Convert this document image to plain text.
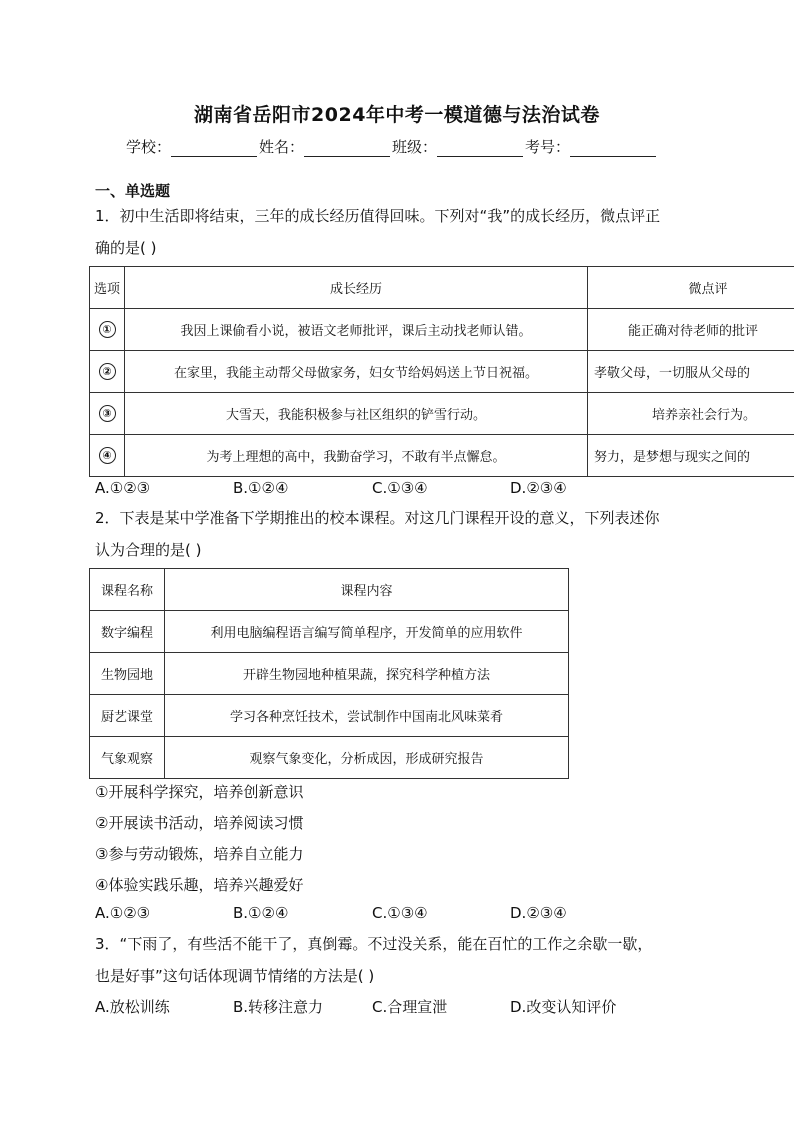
湖南省岳阳市2024年中考一模道德与法治试卷
学校：	姓名：	班级：	考号：
一、单选题
1．初中生活即将结束，三年的成长经历值得回味。下列对“我”的成长经历，微点评正
确的是( )
选项	成长经历	微点评
①	我因上课偷看小说，被语文老师批评，课后主动找老师认错。	能正确对待老师的批评
②	在家里，我能主动帮父母做家务，妇女节给妈妈送上节日祝福。	孝敬父母，一切服从父母的
③	大雪天，我能积极参与社区组织的铲雪行动。	培养亲社会行为。
④	为考上理想的高中，我勤奋学习，不敢有半点懈怠。	努力，是梦想与现实之间的
A.①②③	B.①②④	C.①③④	D.②③④
2．下表是某中学准备下学期推出的校本课程。对这几门课程开设的意义，下列表述你
认为合理的是( )
课程名称	课程内容
数字编程	利用电脑编程语言编写简单程序，开发简单的应用软件
生物园地	开辟生物园地种植果蔬，探究科学种植方法
厨艺课堂	学习各种烹饪技术，尝试制作中国南北风味菜肴
气象观察	观察气象变化，分析成因，形成研究报告
①开展科学探究，培养创新意识
②开展读书活动，培养阅读习惯
③参与劳动锻炼，培养自立能力
④体验实践乐趣，培养兴趣爱好
A.①②③	B.①②④	C.①③④	D.②③④
3．“下雨了，有些活不能干了，真倒霉。不过没关系，能在百忙的工作之余歇一歇，
也是好事”这句话体现调节情绪的方法是( )
A.放松训练	B.转移注意力	C.合理宣泄	D.改变认知评价
